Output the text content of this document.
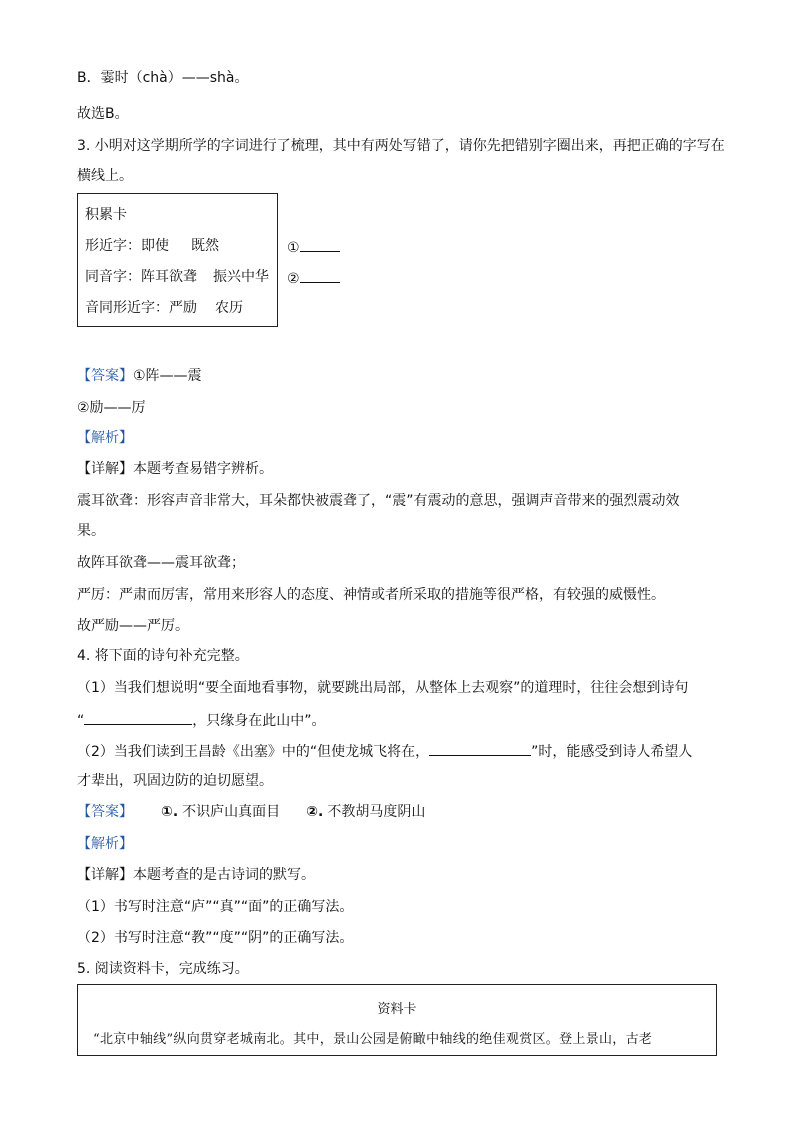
B．霎时（chà）——shà。
故选B。
3. 小明对这学期所学的字词进行了梳理，其中有两处写错了，请你先把错别字圈出来，再把正确的字写在
横线上。
积累卡
形近字：即使 既然
同音字：阵耳欲聋 振兴中华
音同形近字：严励 农历
①
②
【答案】①阵——震
②励——厉
【解析】
【详解】本题考查易错字辨析。
震耳欲聋：形容声音非常大，耳朵都快被震聋了，“震”有震动的意思，强调声音带来的强烈震动效
果。
故阵耳欲聋——震耳欲聋；
严厉：严肃而厉害，常用来形容人的态度、神情或者所采取的措施等很严格，有较强的威慑性。
故严励——严厉。
4. 将下面的诗句补充完整。
（1）当我们想说明“要全面地看事物，就要跳出局部，从整体上去观察”的道理时，往往会想到诗句
“	，只缘身在此山中”。
（2）当我们读到王昌龄《出塞》中的“但使龙城飞将在，	”时，能感受到诗人希望人
才辈出，巩固边防的迫切愿望。
【答案】 ①. 不识庐山真面目 ②. 不教胡马度阴山
【解析】
【详解】本题考查的是古诗词的默写。
（1）书写时注意“庐”“真”“面”的正确写法。
（2）书写时注意“教”“度”“阴”的正确写法。
5. 阅读资料卡，完成练习。
资料卡
“北京中轴线”纵向贯穿老城南北。其中，景山公园是俯瞰中轴线的绝佳观赏区。登上景山，古老
